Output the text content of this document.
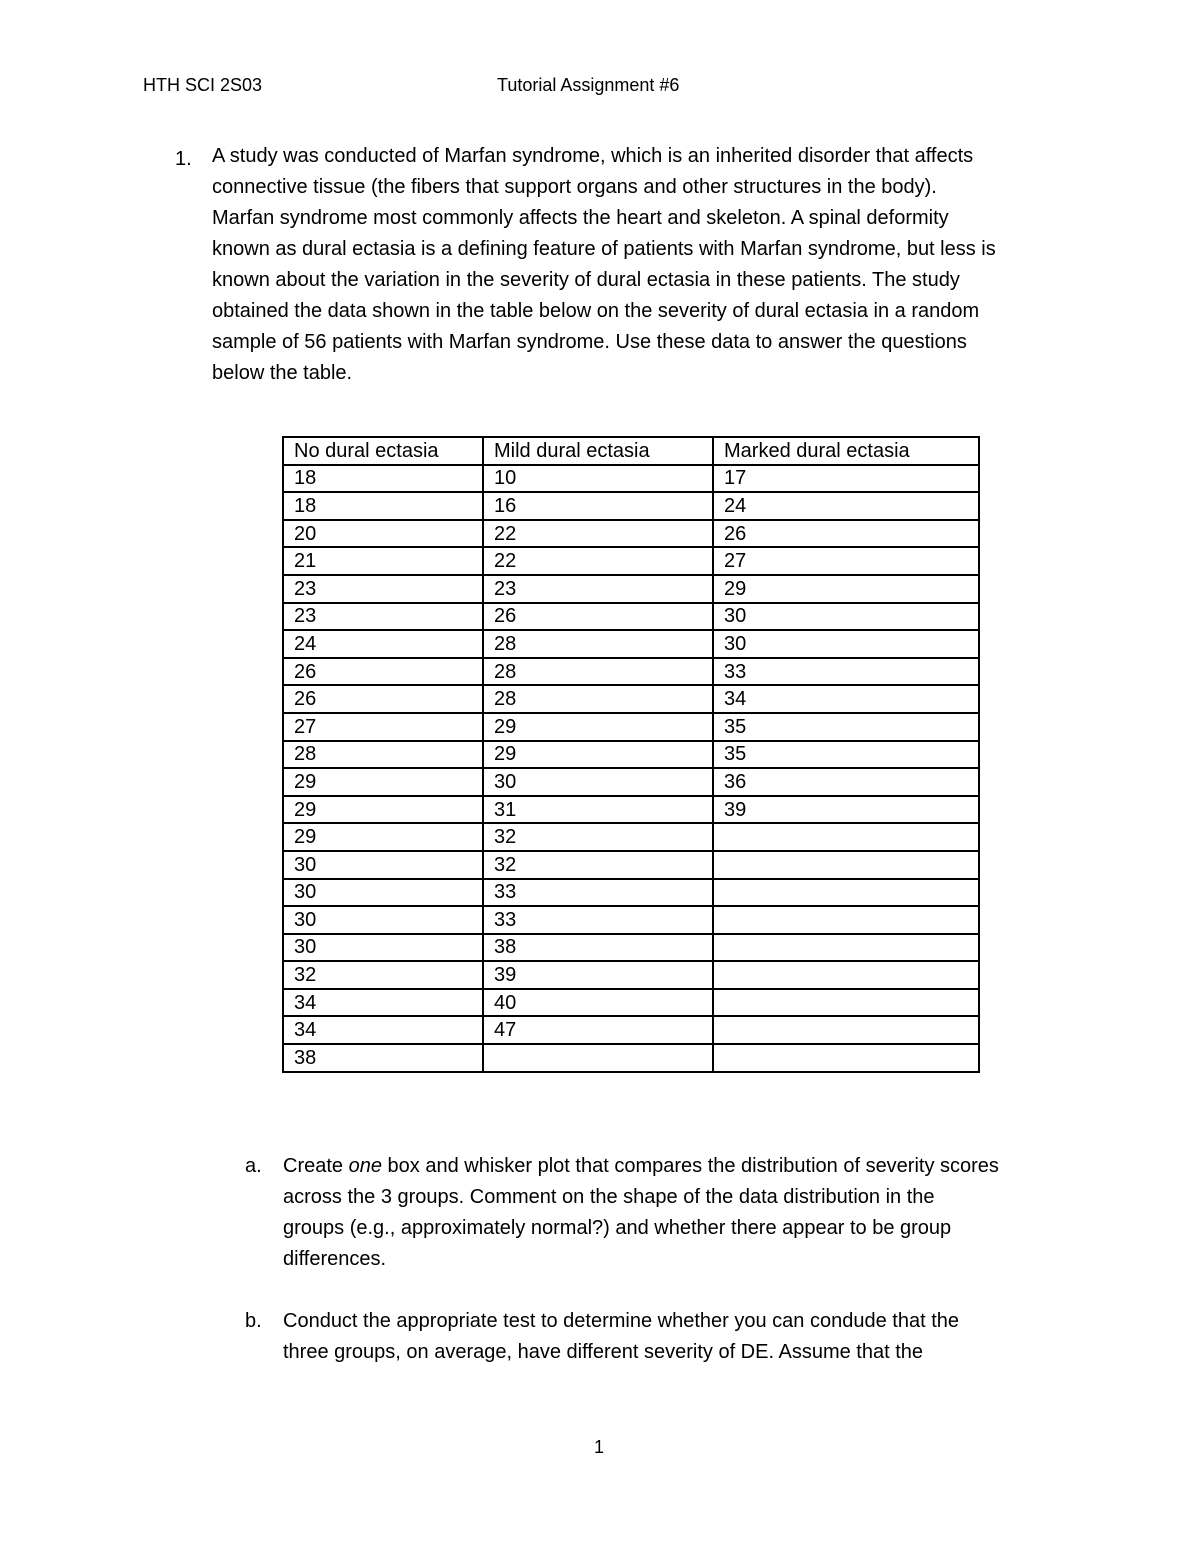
HTH SCI 2S03	Tutorial Assignment #6
1. A study was conducted of Marfan syndrome, which is an inherited disorder that affects
connective tissue (the fibers that support organs and other structures in the body).
Marfan syndrome most commonly affects the heart and skeleton. A spinal deformity
known as dural ectasia is a defining feature of patients with Marfan syndrome, but less is
known about the variation in the severity of dural ectasia in these patients. The study
obtained the data shown in the table below on the severity of dural ectasia in a random
sample of 56 patients with Marfan syndrome. Use these data to answer the questions
below the table.

No dural ectasia	Mild dural ectasia	Marked dural ectasia
18	10	17
18	16	24
20	22	26
21	22	27
23	23	29
23	26	30
24	28	30
26	28	33
26	28	34
27	29	35
28	29	35
29	30	36
29	31	39
29	32	
30	32	
30	33	
30	33	
30	38	
32	39	
34	40	
34	47	
38		
a. Create one box and whisker plot that compares the distribution of severity scores
across the 3 groups. Comment on the shape of the data distribution in the
groups (e.g., approximately normal?) and whether there appear to be group
differences.
b. Conduct the appropriate test to determine whether you can condude that the
three groups, on average, have different severity of DE. Assume that the
1
